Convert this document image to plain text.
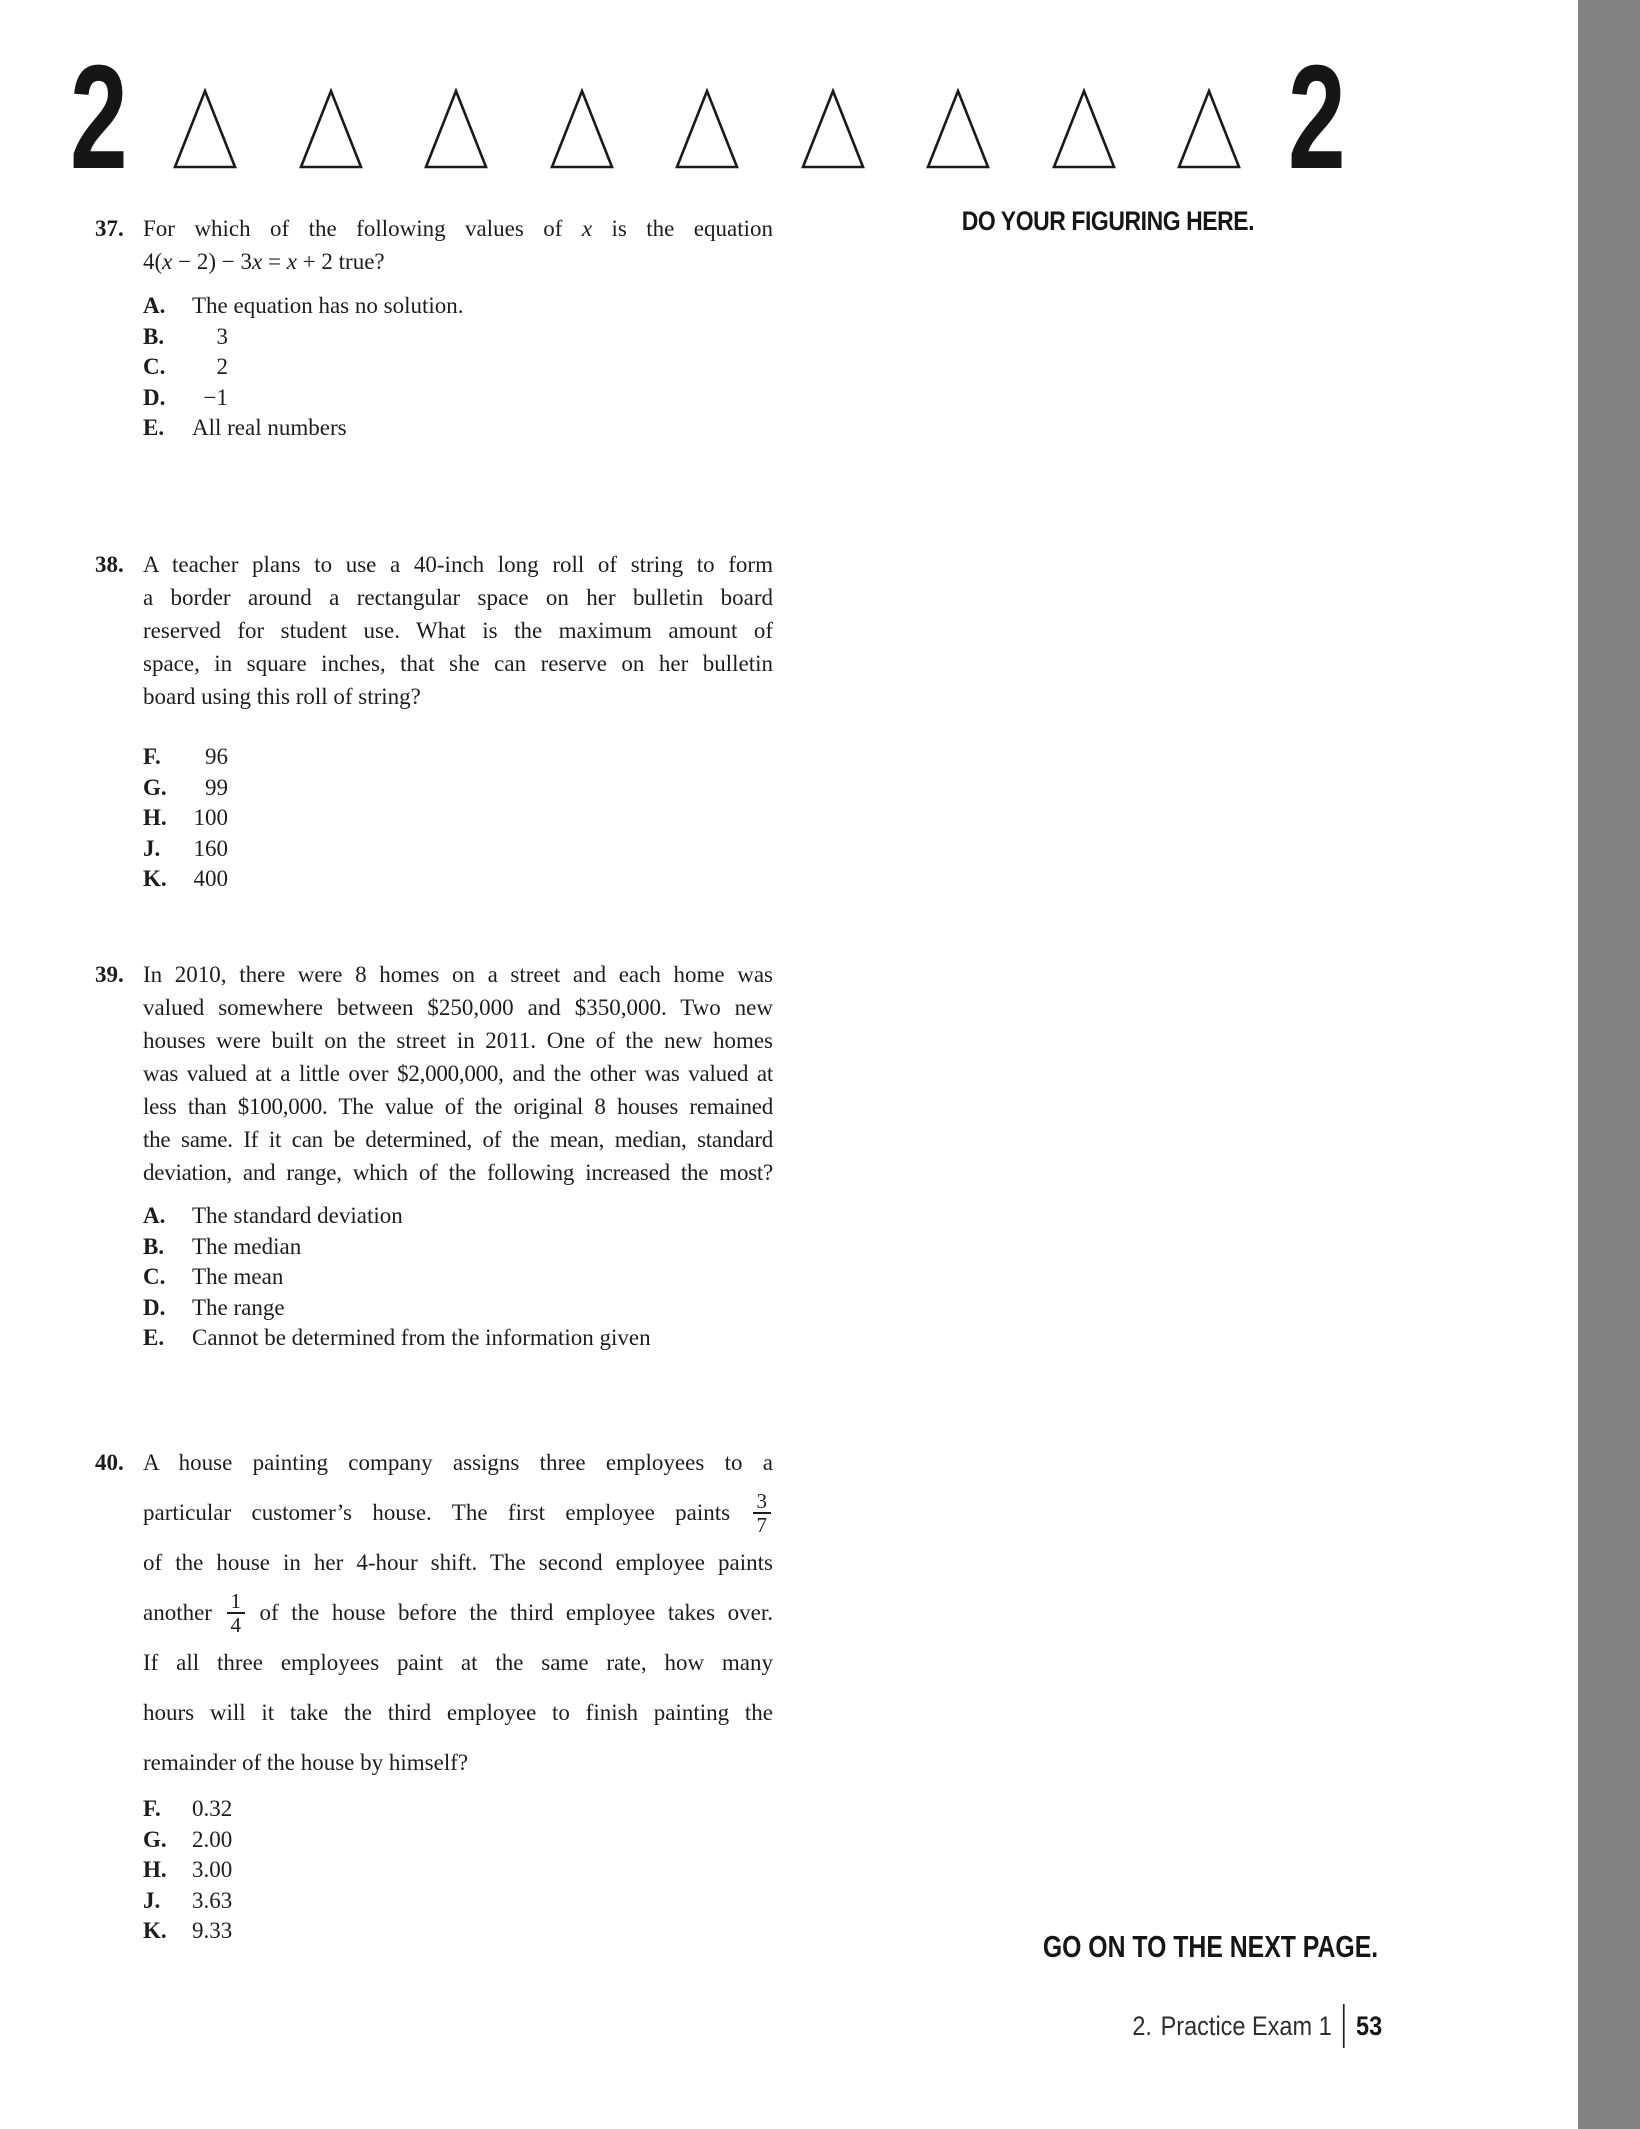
2	2
DO YOUR FIGURING HERE.
37. For which of the following values of x is the equation
4(x − 2) − 3x = x + 2 true?
A.	The equation has no solution.
B.	3
C.	2
D.	−1
E.	All real numbers
38. A teacher plans to use a 40-inch long roll of string to form
a border around a rectangular space on her bulletin board
reserved for student use. What is the maximum amount of
space, in square inches, that she can reserve on her bulletin
board using this roll of string?
F.	96
G.	99
H.	100
J.	160
K.	400
39. In 2010, there were 8 homes on a street and each home was
valued somewhere between $250,000 and $350,000. Two new
houses were built on the street in 2011. One of the new homes
was valued at a little over $2,000,000, and the other was valued at
less than $100,000. The value of the original 8 houses remained
the same. If it can be determined, of the mean, median, standard
deviation, and range, which of the following increased the most?
A.	The standard deviation
B.	The median
C.	The mean
D.	The range
E.	Cannot be determined from the information given
40. A house painting company assigns three employees to a
particular customer’s house. The first employee paints $\frac{3}{7}$
of the house in her 4-hour shift. The second employee paints
another $\frac{1}{4}$ of the house before the third employee takes over.
If all three employees paint at the same rate, how many
hours will it take the third employee to finish painting the
remainder of the house by himself?
F.	0.32
G.	2.00
H.	3.00
J.	3.63
K.	9.33	GO ON TO THE NEXT PAGE.
2. Practice Exam 1 53
